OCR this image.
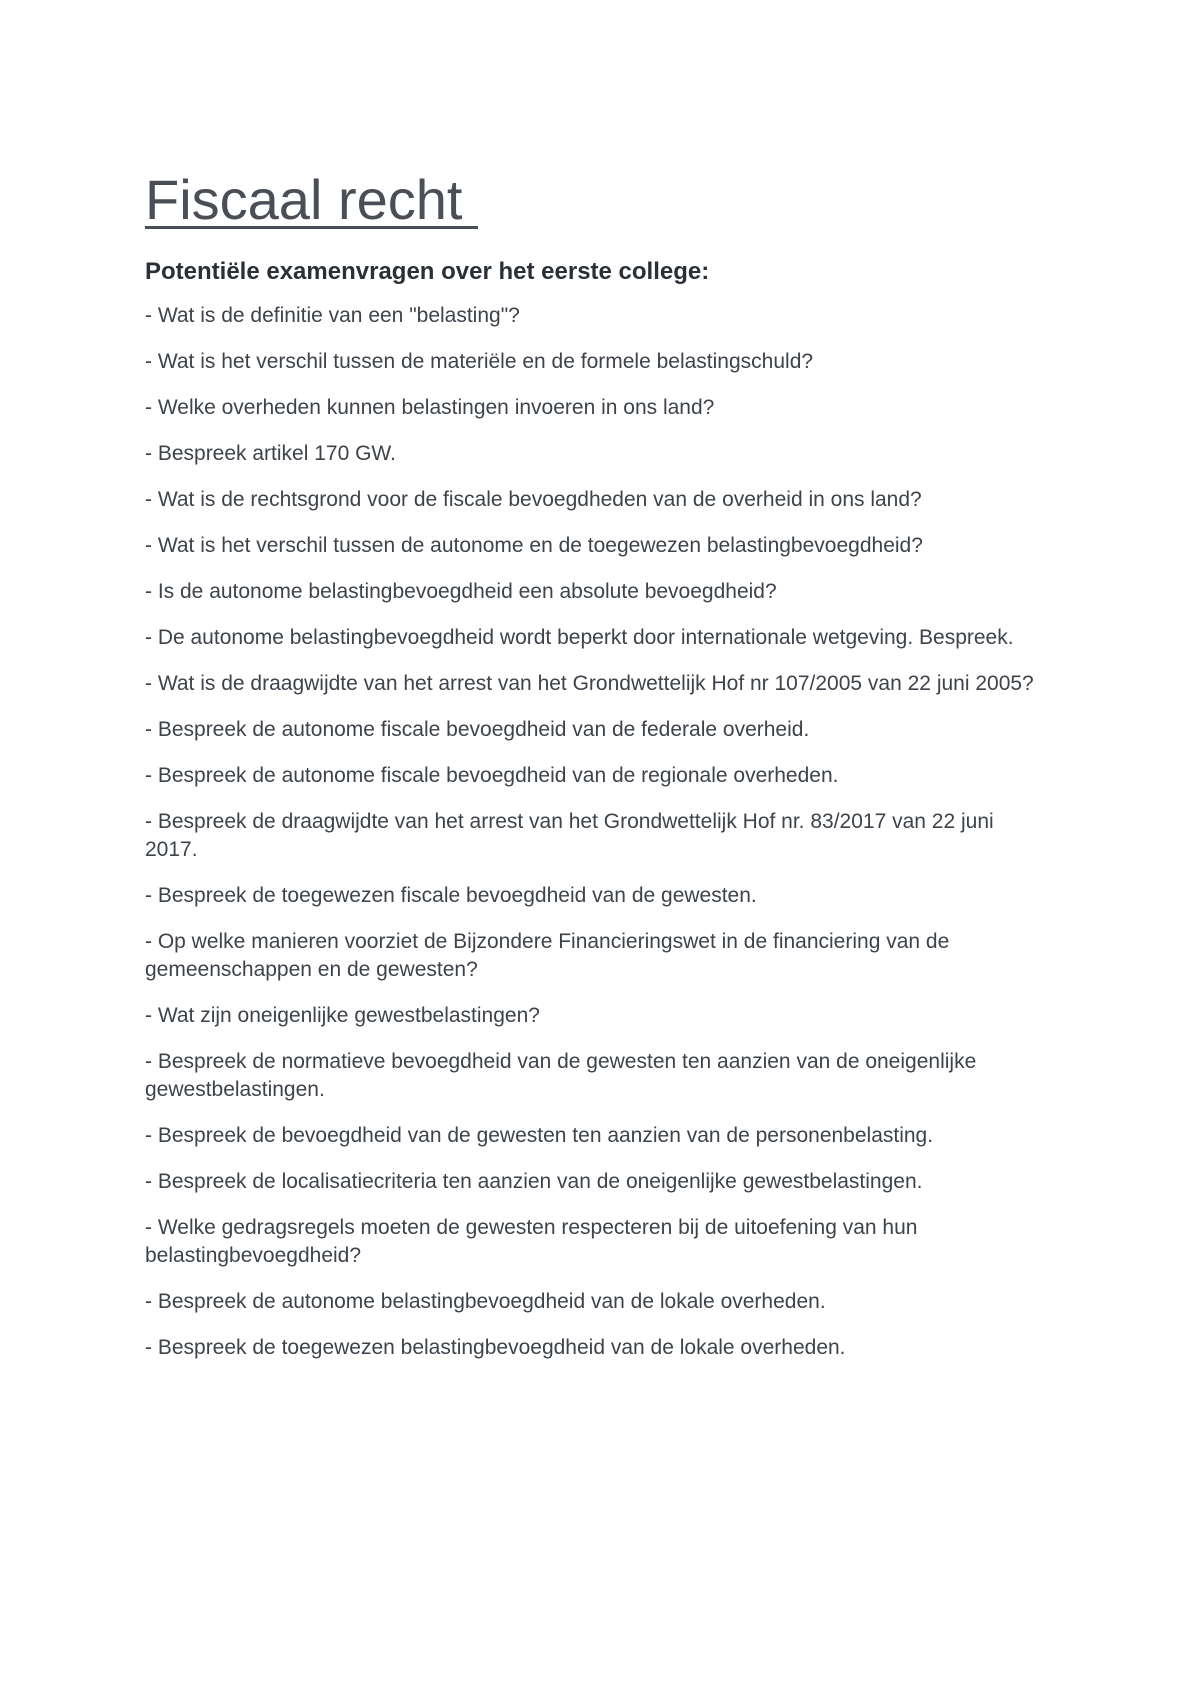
Fiscaal recht
Potentiële examenvragen over het eerste college:
- Wat is de definitie van een "belasting"?
- Wat is het verschil tussen de materiële en de formele belastingschuld?
- Welke overheden kunnen belastingen invoeren in ons land?
- Bespreek artikel 170 GW.
- Wat is de rechtsgrond voor de fiscale bevoegdheden van de overheid in ons land?
- Wat is het verschil tussen de autonome en de toegewezen belastingbevoegdheid?
- Is de autonome belastingbevoegdheid een absolute bevoegdheid?
- De autonome belastingbevoegdheid wordt beperkt door internationale wetgeving. Bespreek.
- Wat is de draagwijdte van het arrest van het Grondwettelijk Hof nr 107/2005 van 22 juni 2005?
- Bespreek de autonome fiscale bevoegdheid van de federale overheid.
- Bespreek de autonome fiscale bevoegdheid van de regionale overheden.
- Bespreek de draagwijdte van het arrest van het Grondwettelijk Hof nr. 83/2017 van 22 juni 2017.
- Bespreek de toegewezen fiscale bevoegdheid van de gewesten.
- Op welke manieren voorziet de Bijzondere Financieringswet in de financiering van de gemeenschappen en de gewesten?
- Wat zijn oneigenlijke gewestbelastingen?
- Bespreek de normatieve bevoegdheid van de gewesten ten aanzien van de oneigenlijke gewestbelastingen.
- Bespreek de bevoegdheid van de gewesten ten aanzien van de personenbelasting.
- Bespreek de localisatiecriteria ten aanzien van de oneigenlijke gewestbelastingen.
- Welke gedragsregels moeten de gewesten respecteren bij de uitoefening van hun belastingbevoegdheid?
- Bespreek de autonome belastingbevoegdheid van de lokale overheden.
- Bespreek de toegewezen belastingbevoegdheid van de lokale overheden.
